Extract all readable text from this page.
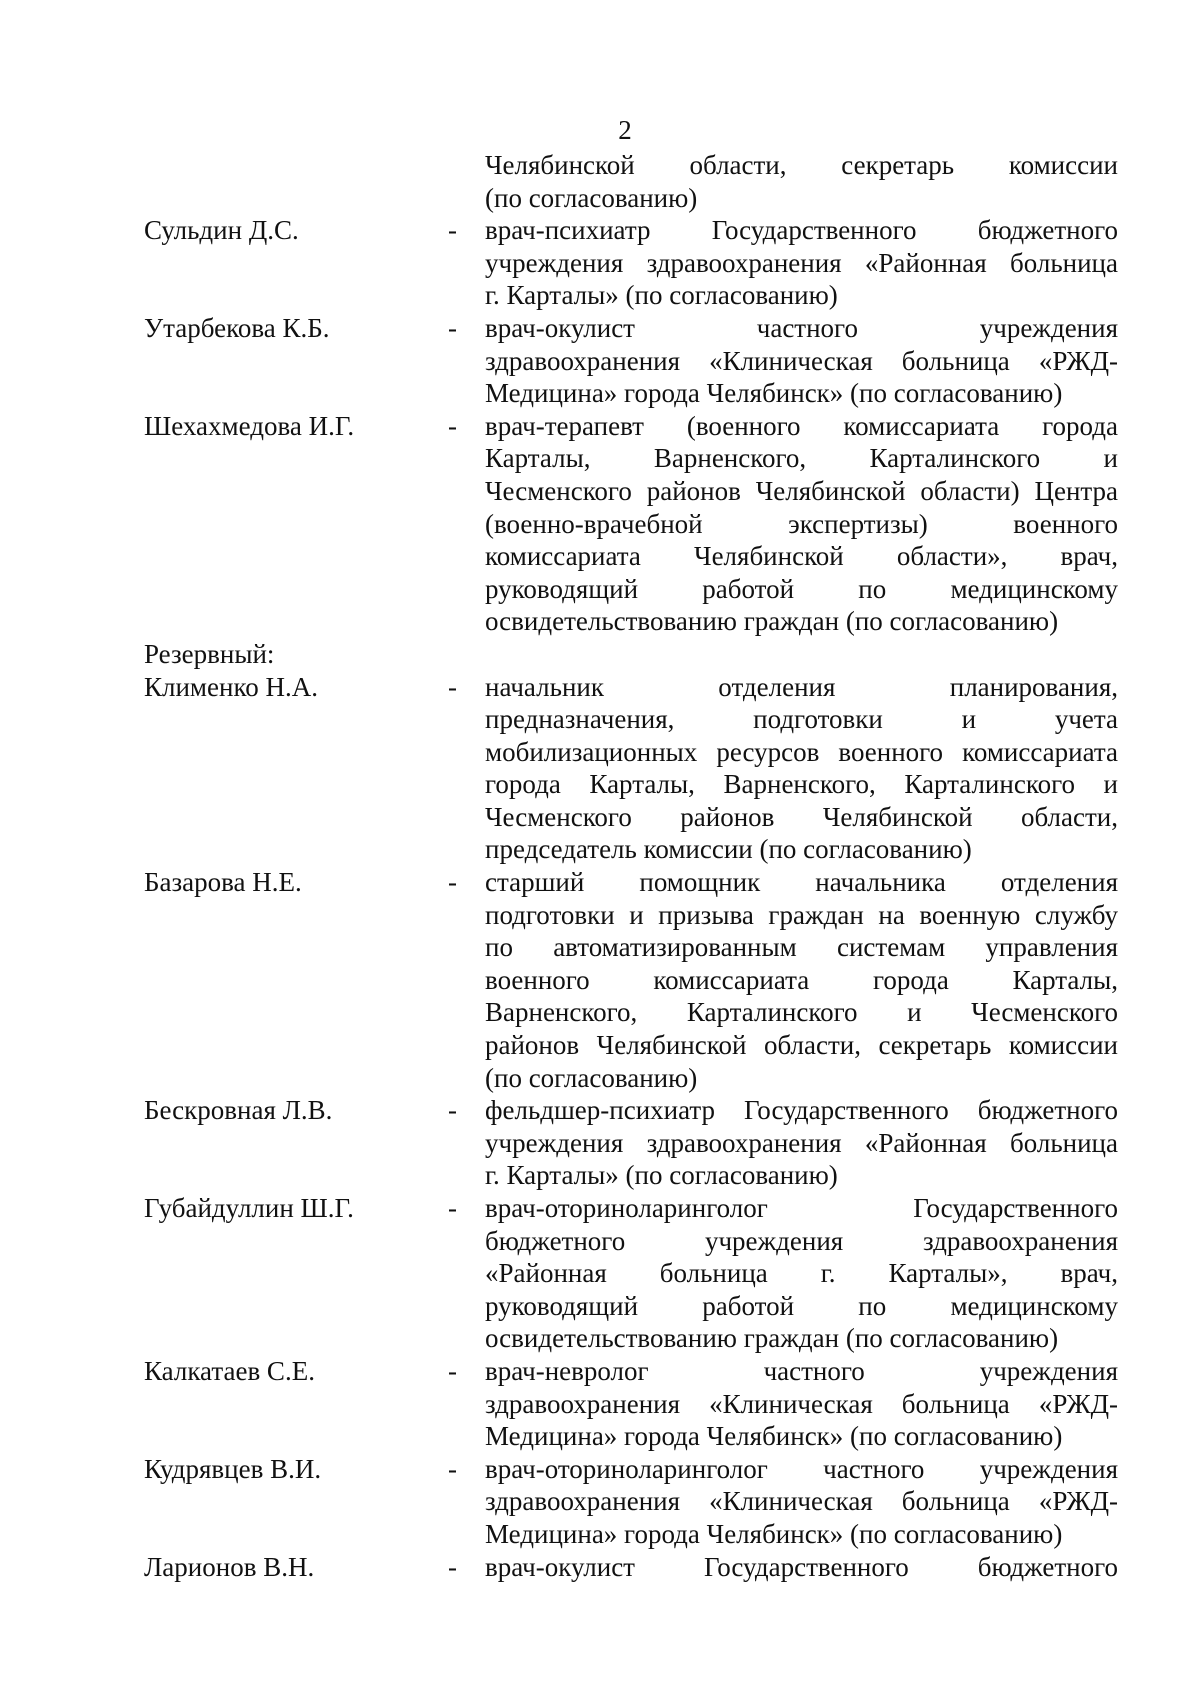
2
Челябинской области, секретарь комиссии
(по согласованию)
Сульдин Д.С.	-	врач-психиатр Государственного бюджетного
учреждения здравоохранения «Районная больница
г. Карталы» (по согласованию)
Утарбекова К.Б.	-	врач-окулист частного учреждения
здравоохранения «Клиническая больница «РЖД-
Медицина» города Челябинск» (по согласованию)
Шехахмедова И.Г.	-	врач-терапевт (военного комиссариата города
Карталы, Варненского, Карталинского и
Чесменского районов Челябинской области) Центра
(военно-врачебной экспертизы) военного
комиссариата Челябинской области», врач,
руководящий работой по медицинскому
освидетельствованию граждан (по согласованию)
Резервный:
Клименко Н.А.	-	начальник отделения планирования,
предназначения, подготовки и учета
мобилизационных ресурсов военного комиссариата
города Карталы, Варненского, Карталинского и
Чесменского районов Челябинской области,
председатель комиссии (по согласованию)
Базарова Н.Е.	-	старший помощник начальника отделения
подготовки и призыва граждан на военную службу
по автоматизированным системам управления
военного комиссариата города Карталы,
Варненского, Карталинского и Чесменского
районов Челябинской области, секретарь комиссии
(по согласованию)
Бескровная Л.В.	-	фельдшер-психиатр Государственного бюджетного
учреждения здравоохранения «Районная больница
г. Карталы» (по согласованию)
Губайдуллин Ш.Г.	-	врач-оториноларинголог Государственного
бюджетного учреждения здравоохранения
«Районная больница г. Карталы», врач,
руководящий работой по медицинскому
освидетельствованию граждан (по согласованию)
Калкатаев С.Е.	-	врач-невролог частного учреждения
здравоохранения «Клиническая больница «РЖД-
Медицина» города Челябинск» (по согласованию)
Кудрявцев В.И.	-	врач-оториноларинголог частного учреждения
здравоохранения «Клиническая больница «РЖД-
Медицина» города Челябинск» (по согласованию)
Ларионов В.Н.	-	врач-окулист Государственного бюджетного
